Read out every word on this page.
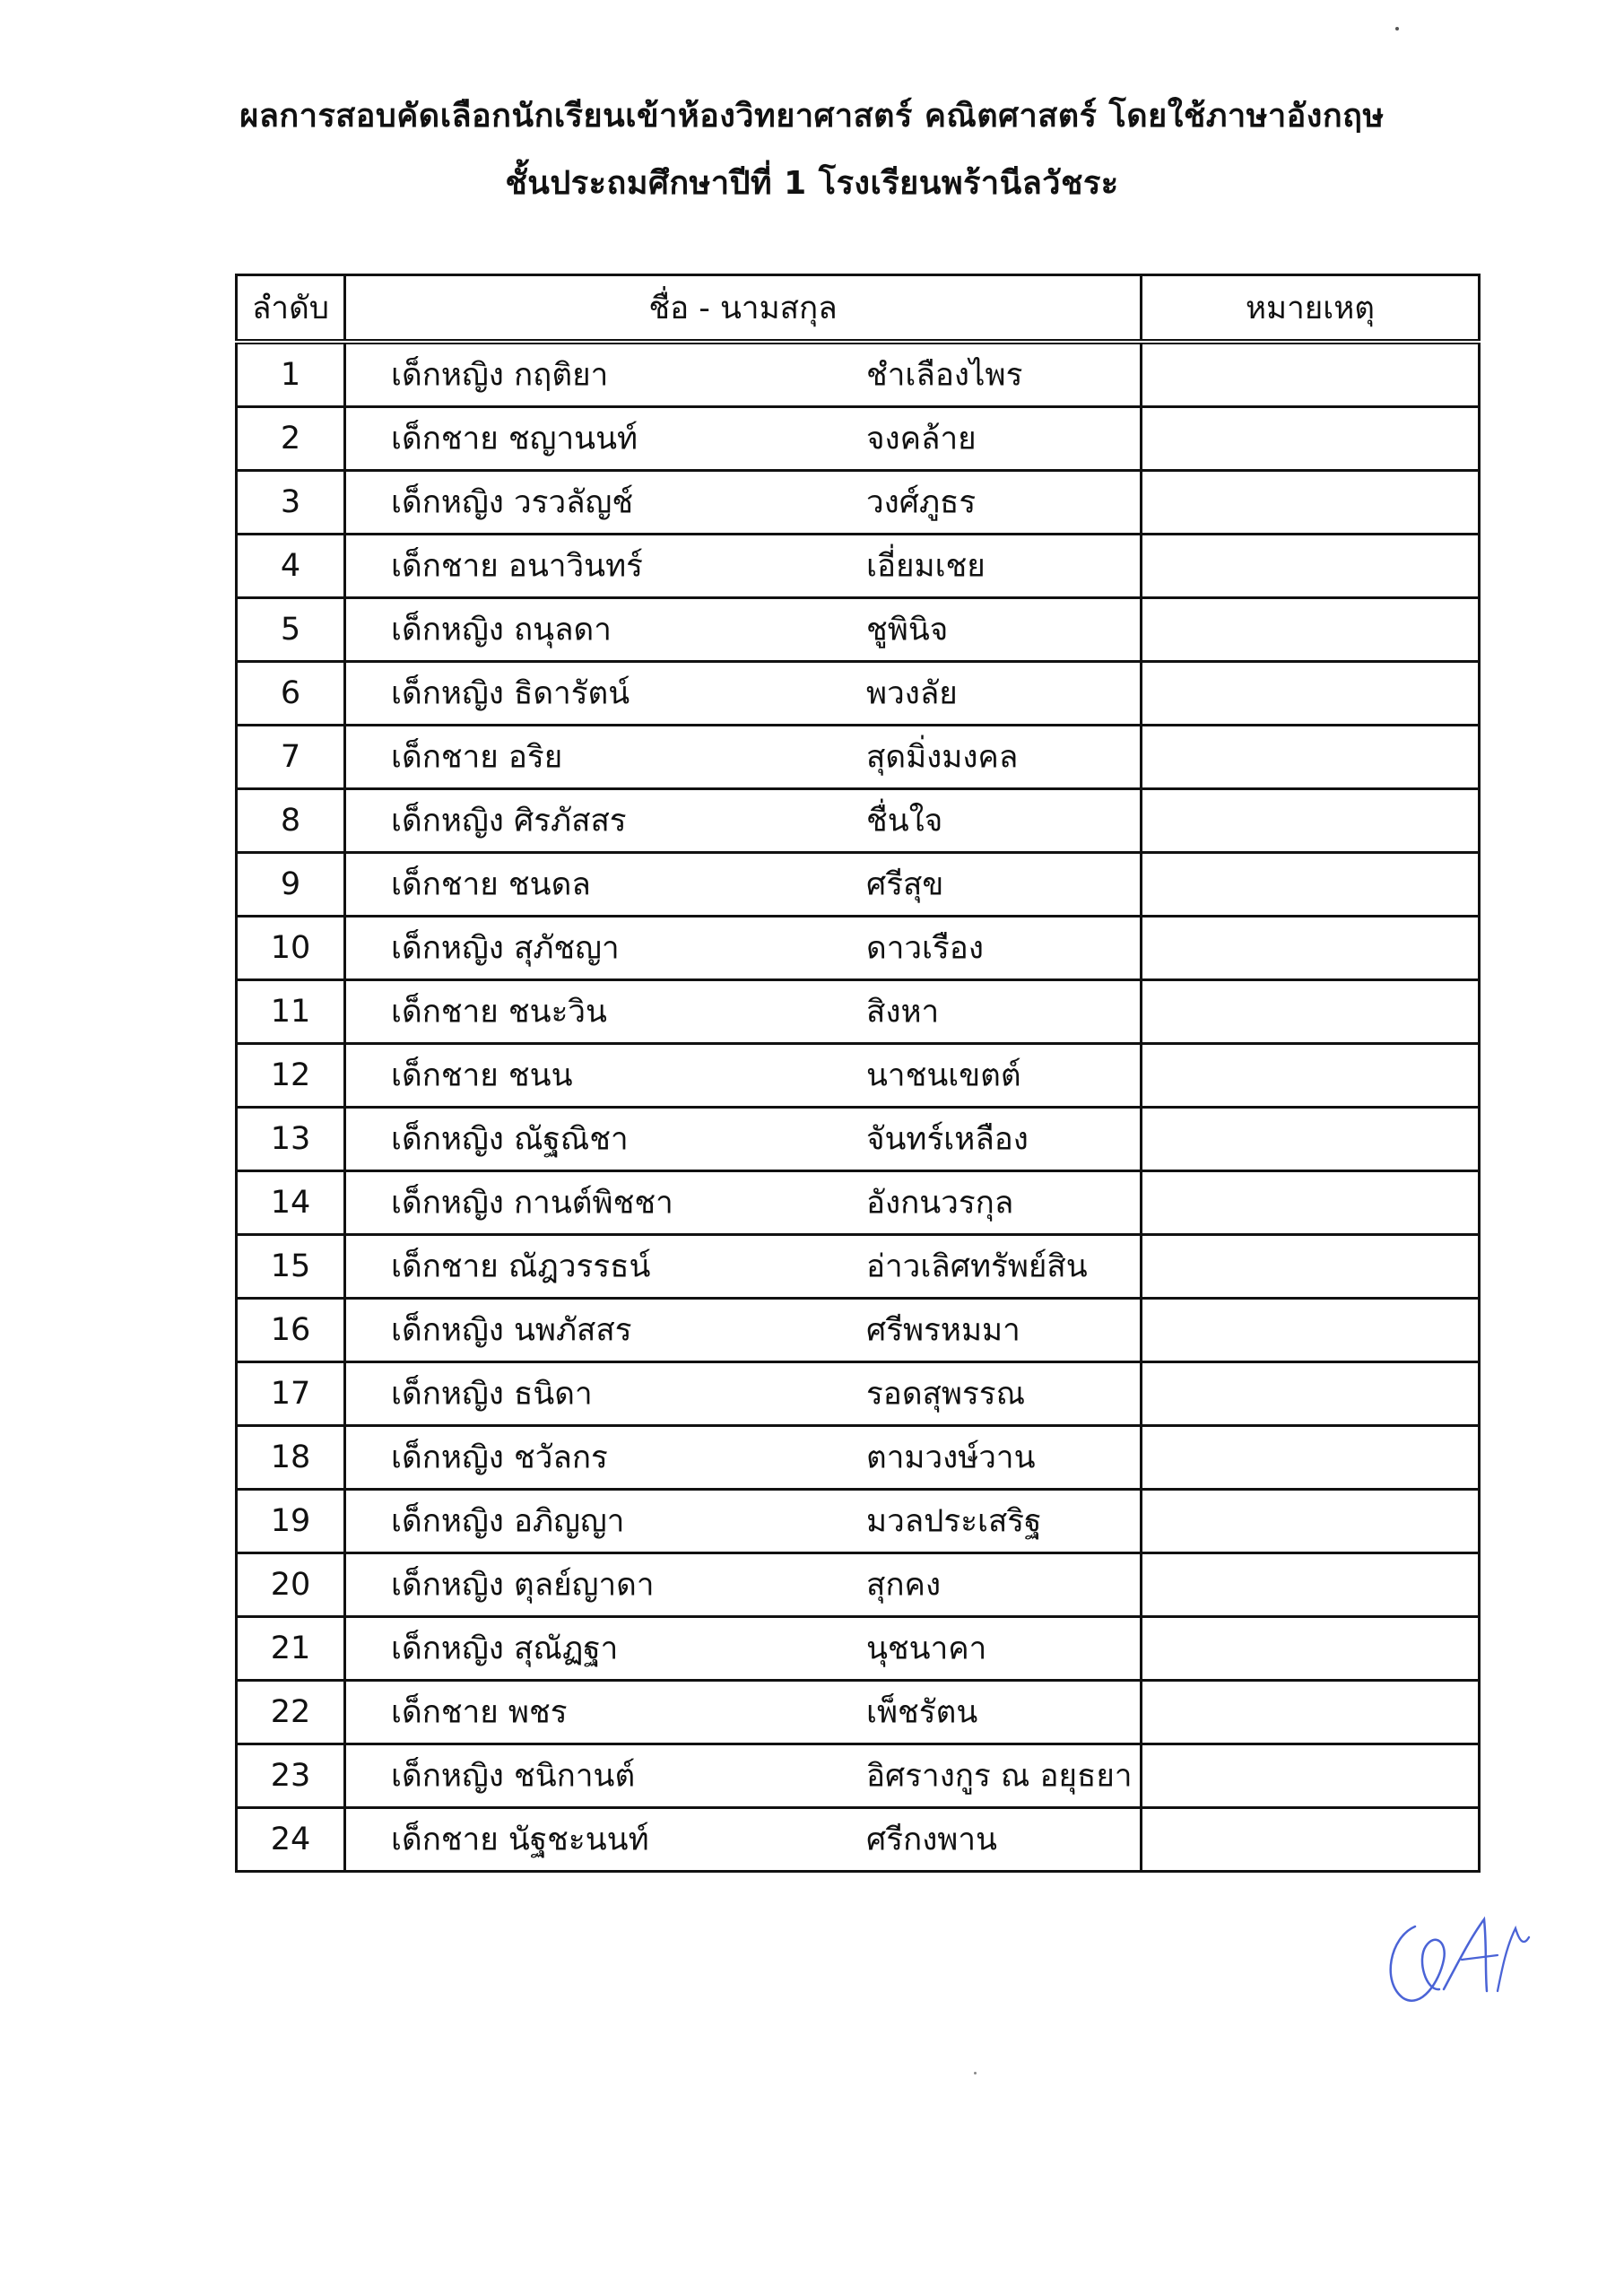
ผลการสอบคัดเลือกนักเรียนเข้าห้องวิทยาศาสตร์ คณิตศาสตร์ โดยใช้ภาษาอังกฤษ
ชั้นประถมศึกษาปีที่ 1 โรงเรียนพร้านีลวัชระ
ลำดับ	ชื่อ - นามสกุล	หมายเหตุ
1	เด็กหญิง กฤติยา ชำเลืองไพร	

2	เด็กชาย ชญานนท์ จงคล้าย	

3	เด็กหญิง วรวลัญช์ วงศ์ภูธร	

4	เด็กชาย อนาวินทร์ เอี่ยมเชย	

5	เด็กหญิง ถนุลดา ชูพินิจ	

6	เด็กหญิง ธิดารัตน์ พวงลัย	

7	เด็กชาย อริย สุดมิ่งมงคล	

8	เด็กหญิง ศิรภัสสร ชื่นใจ	

9	เด็กชาย ชนดล ศรีสุข	

10	เด็กหญิง สุภัชญา ดาวเรือง	

11	เด็กชาย ชนะวิน สิงหา	

12	เด็กชาย ชนน นาชนเขตต์	

13	เด็กหญิง ณัฐณิชา จันทร์เหลือง	

14	เด็กหญิง กานต์พิชชา อังกนวรกุล	

15	เด็กชาย ณัฎวรรธน์ อ่าวเลิศทรัพย์สิน	

16	เด็กหญิง นพภัสสร ศรีพรหมมา	

17	เด็กหญิง ธนิดา รอดสุพรรณ	

18	เด็กหญิง ชวัลกร ตามวงษ์วาน	

19	เด็กหญิง อภิญญา มวลประเสริฐ	

20	เด็กหญิง ตุลย์ญาดา สุกคง	

21	เด็กหญิง สุณัฏฐา นุชนาคา	

22	เด็กชาย พชร เพ็ชรัตน	

23	เด็กหญิง ชนิกานต์ อิศรางกูร ณ อยุธยา	

24	เด็กชาย นัฐชะนนท์ ศรีกงพาน	
